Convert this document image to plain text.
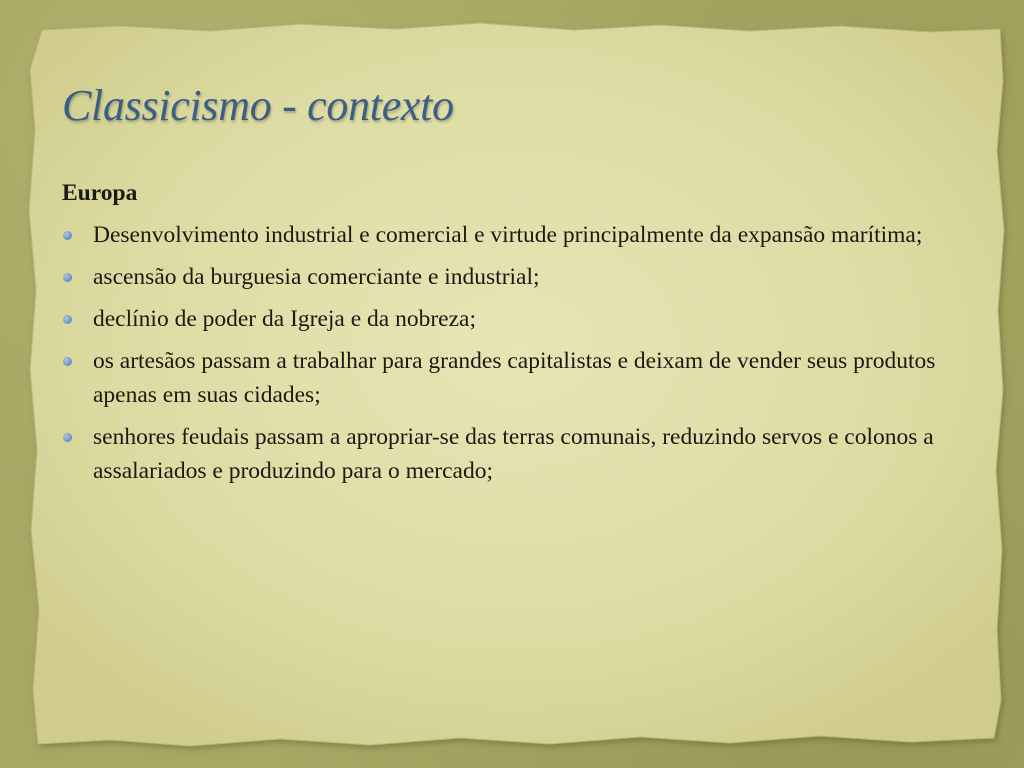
Classicismo - contexto
Europa
Desenvolvimento industrial e comercial e virtude principalmente da expansão marítima;
ascensão da burguesia comerciante e industrial;
declínio de poder da Igreja e da nobreza;
os artesãos passam a trabalhar para grandes capitalistas e deixam de vender seus produtos apenas em suas cidades;
senhores feudais passam a apropriar-se das terras comunais, reduzindo servos e colonos a assalariados e produzindo para o mercado;
